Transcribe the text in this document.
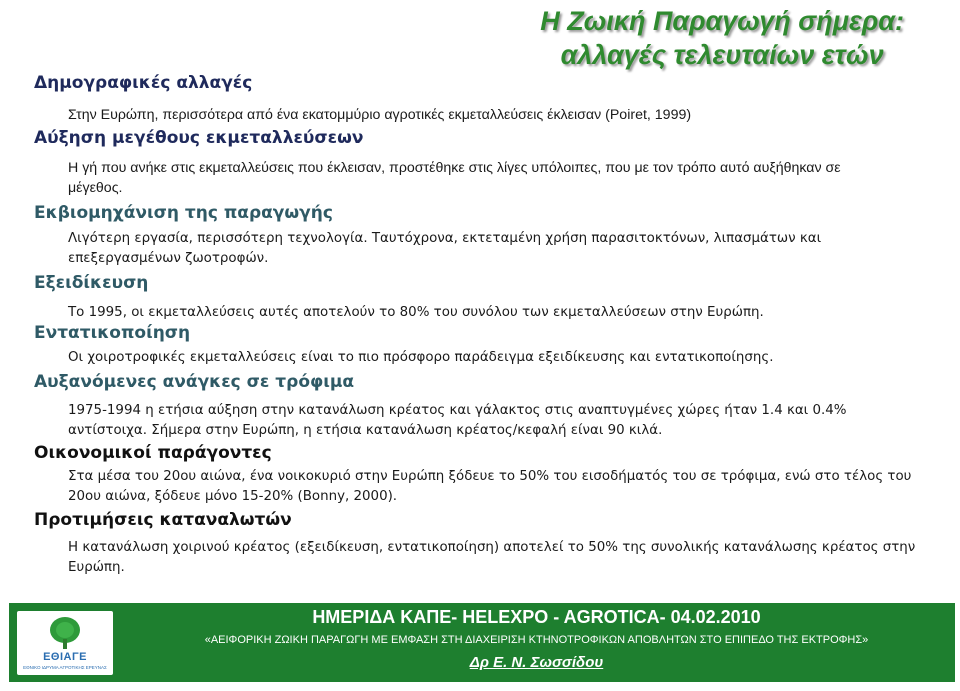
Η Ζωική Παραγωγή σήμερα:
αλλαγές τελευταίων ετών
Δημογραφικές αλλαγές

Στην Ευρώπη, περισσότερα από ένα εκατομμύριο αγροτικές εκμεταλλεύσεις έκλεισαν (Poiret, 1999)

Αύξηση μεγέθους εκμεταλλεύσεων

Η γή που ανήκε στις εκμεταλλεύσεις που έκλεισαν, προστέθηκε στις λίγες υπόλοιπες, που με τον τρόπο αυτό αυξήθηκαν σε μέγεθος.

Εκβιομηχάνιση της παραγωγής

Λιγότερη εργασία, περισσότερη τεχνολογία. Ταυτόχρονα, εκτεταμένη χρήση παρασιτοκτόνων, λιπασμάτων και επεξεργασμένων ζωοτροφών.

Εξειδίκευση

Το 1995, οι εκμεταλλεύσεις αυτές αποτελούν το 80% του συνόλου των εκμεταλλεύσεων στην Ευρώπη.

Εντατικοποίηση

Οι χοιροτροφικές εκμεταλλεύσεις είναι το πιο πρόσφορο παράδειγμα εξειδίκευσης και εντατικοποίησης.

Αυξανόμενες ανάγκες σε τρόφιμα

1975-1994 η ετήσια αύξηση στην κατανάλωση κρέατος και γάλακτος στις αναπτυγμένες χώρες ήταν 1.4 και 0.4% αντίστοιχα. Σήμερα στην Ευρώπη, η ετήσια κατανάλωση κρέατος/κεφαλή είναι 90 κιλά.

Οικονομικοί παράγοντες

Στα μέσα του 20ου αιώνα, ένα νοικοκυριό στην Ευρώπη ξόδευε το 50% του εισοδήματός του σε τρόφιμα, ενώ στο τέλος του 20ου αιώνα, ξόδευε μόνο 15-20% (Bonny, 2000).

Προτιμήσεις καταναλωτών

Η κατανάλωση χοιρινού κρέατος (εξειδίκευση, εντατικοποίηση) αποτελεί το 50% της συνολικής κατανάλωσης κρέατος στην Ευρώπη.

ΕΘΙΑΓΕ
ΕΘΝΙΚΟ ΙΔΡΥΜΑ ΑΓΡΟΤΙΚΗΣ ΕΡΕΥΝΑΣ
ΗΜΕΡΙΔΑ ΚΑΠΕ- HELEXPO - AGROTICA- 04.02.2010
«ΑΕΙΦΟΡΙΚΗ ΖΩΙΚΗ ΠΑΡΑΓΩΓΗ ΜΕ ΕΜΦΑΣΗ ΣΤΗ ΔΙΑΧΕΙΡΙΣΗ ΚΤΗΝΟΤΡΟΦΙΚΩΝ ΑΠΟΒΛΗΤΩΝ ΣΤΟ ΕΠΙΠΕΔΟ ΤΗΣ ΕΚΤΡΟΦΗΣ»
Δρ Ε. Ν. Σωσσίδου
